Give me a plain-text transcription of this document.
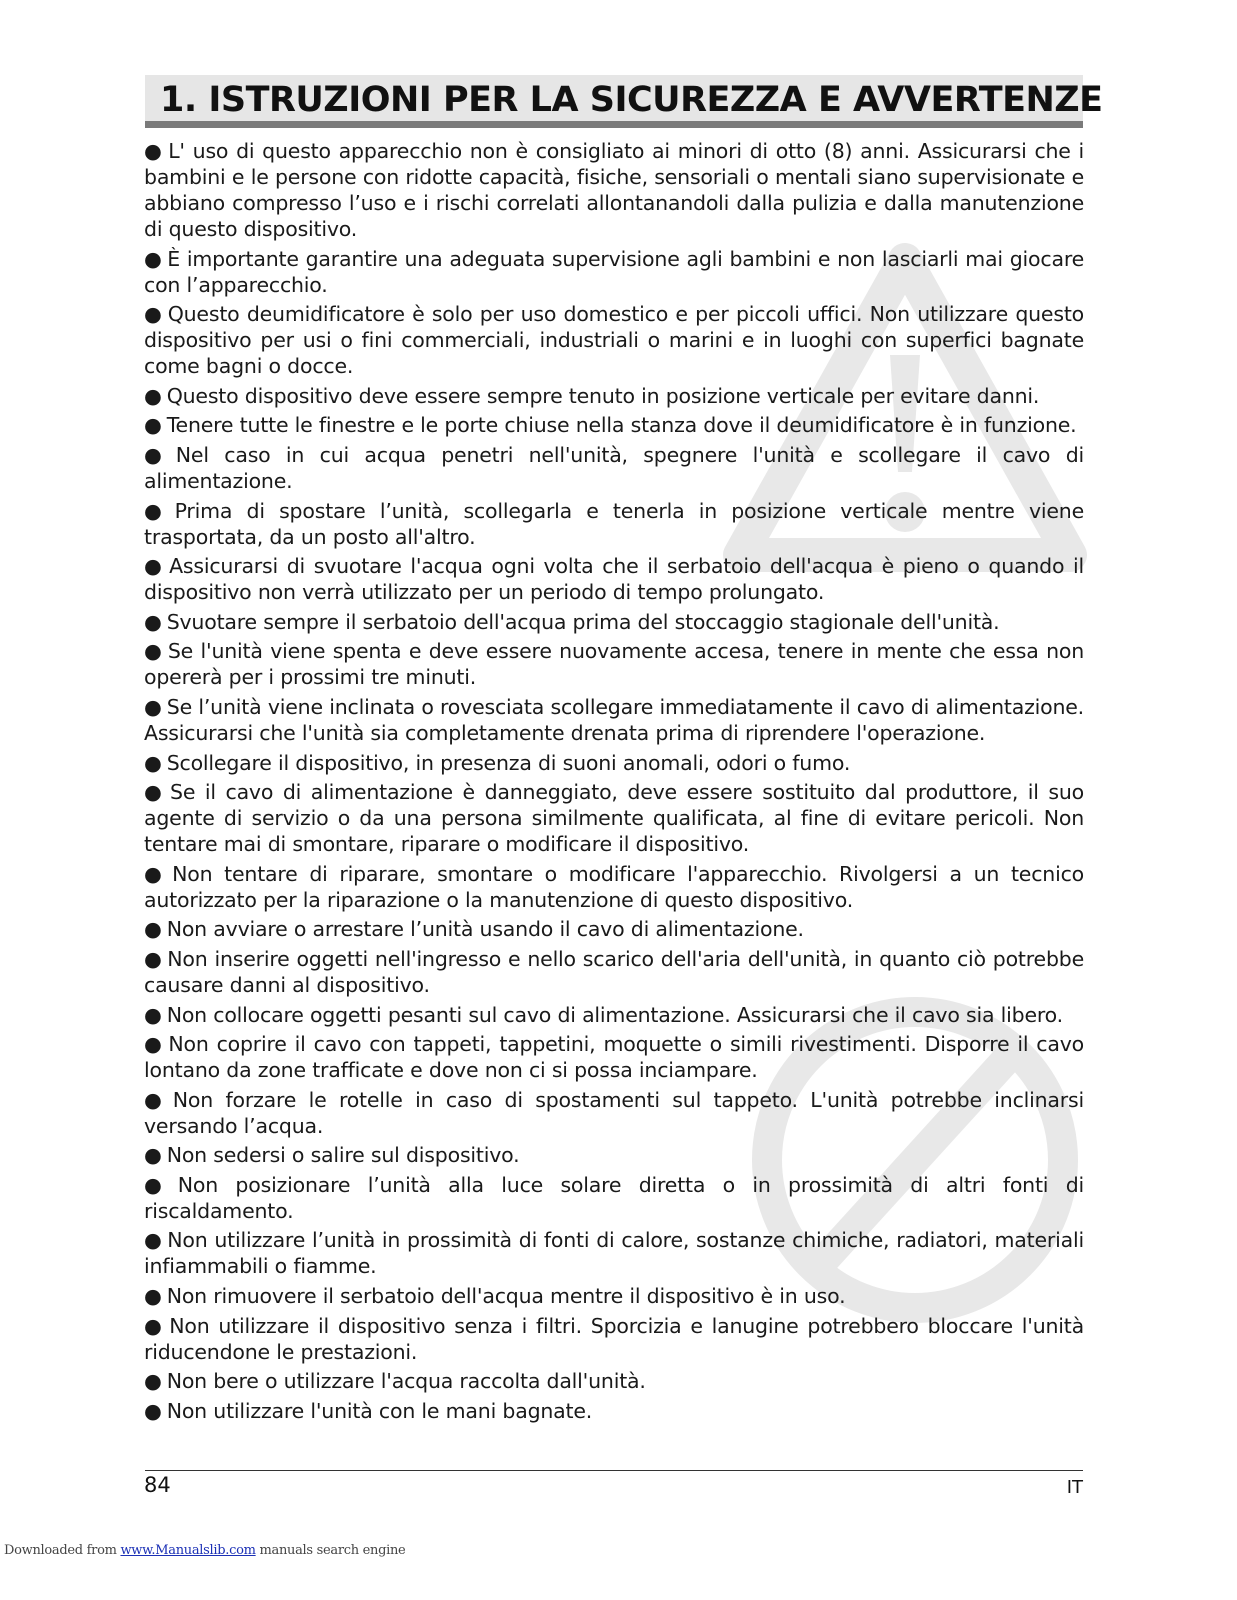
1. ISTRUZIONI PER LA SICUREZZA E AVVERTENZE
● L' uso di questo apparecchio non è consigliato ai minori di otto (8) anni. Assicurarsi che i bambini e le persone con ridotte capacità, fisiche, sensoriali o mentali siano supervisionate e abbiano compresso l’uso e i rischi correlati allontanandoli dalla pulizia e dalla manutenzione di questo dispositivo.
● È importante garantire una adeguata supervisione agli bambini e non lasciarli mai giocare con l’apparecchio.
● Questo deumidificatore è solo per uso domestico e per piccoli uffici. Non utilizzare questo dispositivo per usi o fini commerciali, industriali o marini e in luoghi con superfici bagnate come bagni o docce.
● Questo dispositivo deve essere sempre tenuto in posizione verticale per evitare danni.
● Tenere tutte le finestre e le porte chiuse nella stanza dove il deumidificatore è in funzione.
● Nel caso in cui acqua penetri nell'unità, spegnere l'unità e scollegare il cavo di alimentazione.
● Prima di spostare l’unità, scollegarla e tenerla in posizione verticale mentre viene trasportata, da un posto all'altro.
● Assicurarsi di svuotare l'acqua ogni volta che il serbatoio dell'acqua è pieno o quando il dispositivo non verrà utilizzato per un periodo di tempo prolungato.
● Svuotare sempre il serbatoio dell'acqua prima del stoccaggio stagionale dell'unità.
● Se l'unità viene spenta e deve essere nuovamente accesa, tenere in mente che essa non opererà per i prossimi tre minuti.
● Se l’unità viene inclinata o rovesciata scollegare immediatamente il cavo di alimentazione. Assicurarsi che l'unità sia completamente drenata prima di riprendere l'operazione.
● Scollegare il dispositivo, in presenza di suoni anomali, odori o fumo.
● Se il cavo di alimentazione è danneggiato, deve essere sostituito dal produttore, il suo agente di servizio o da una persona similmente qualificata, al fine di evitare pericoli. Non tentare mai di smontare, riparare o modificare il dispositivo.
● Non tentare di riparare, smontare o modificare l'apparecchio. Rivolgersi a un tecnico autorizzato per la riparazione o la manutenzione di questo dispositivo.
● Non avviare o arrestare l’unità usando il cavo di alimentazione.
● Non inserire oggetti nell'ingresso e nello scarico dell'aria dell'unità, in quanto ciò potrebbe causare danni al dispositivo.
● Non collocare oggetti pesanti sul cavo di alimentazione. Assicurarsi che il cavo sia libero.
● Non coprire il cavo con tappeti, tappetini, moquette o simili rivestimenti. Disporre il cavo lontano da zone trafficate e dove non ci si possa inciampare.
● Non forzare le rotelle in caso di spostamenti sul tappeto. L'unità potrebbe inclinarsi versando l’acqua.
● Non sedersi o salire sul dispositivo.
● Non posizionare l’unità alla luce solare diretta o in prossimità di altri fonti di riscaldamento.
● Non utilizzare l’unità in prossimità di fonti di calore, sostanze chimiche, radiatori, materiali infiammabili o fiamme.
● Non rimuovere il serbatoio dell'acqua mentre il dispositivo è in uso.
● Non utilizzare il dispositivo senza i filtri. Sporcizia e lanugine potrebbero bloccare l'unità riducendone le prestazioni.
● Non bere o utilizzare l'acqua raccolta dall'unità.
● Non utilizzare l'unità con le mani bagnate.
84	IT
Downloaded from www.Manualslib.com manuals search engine
